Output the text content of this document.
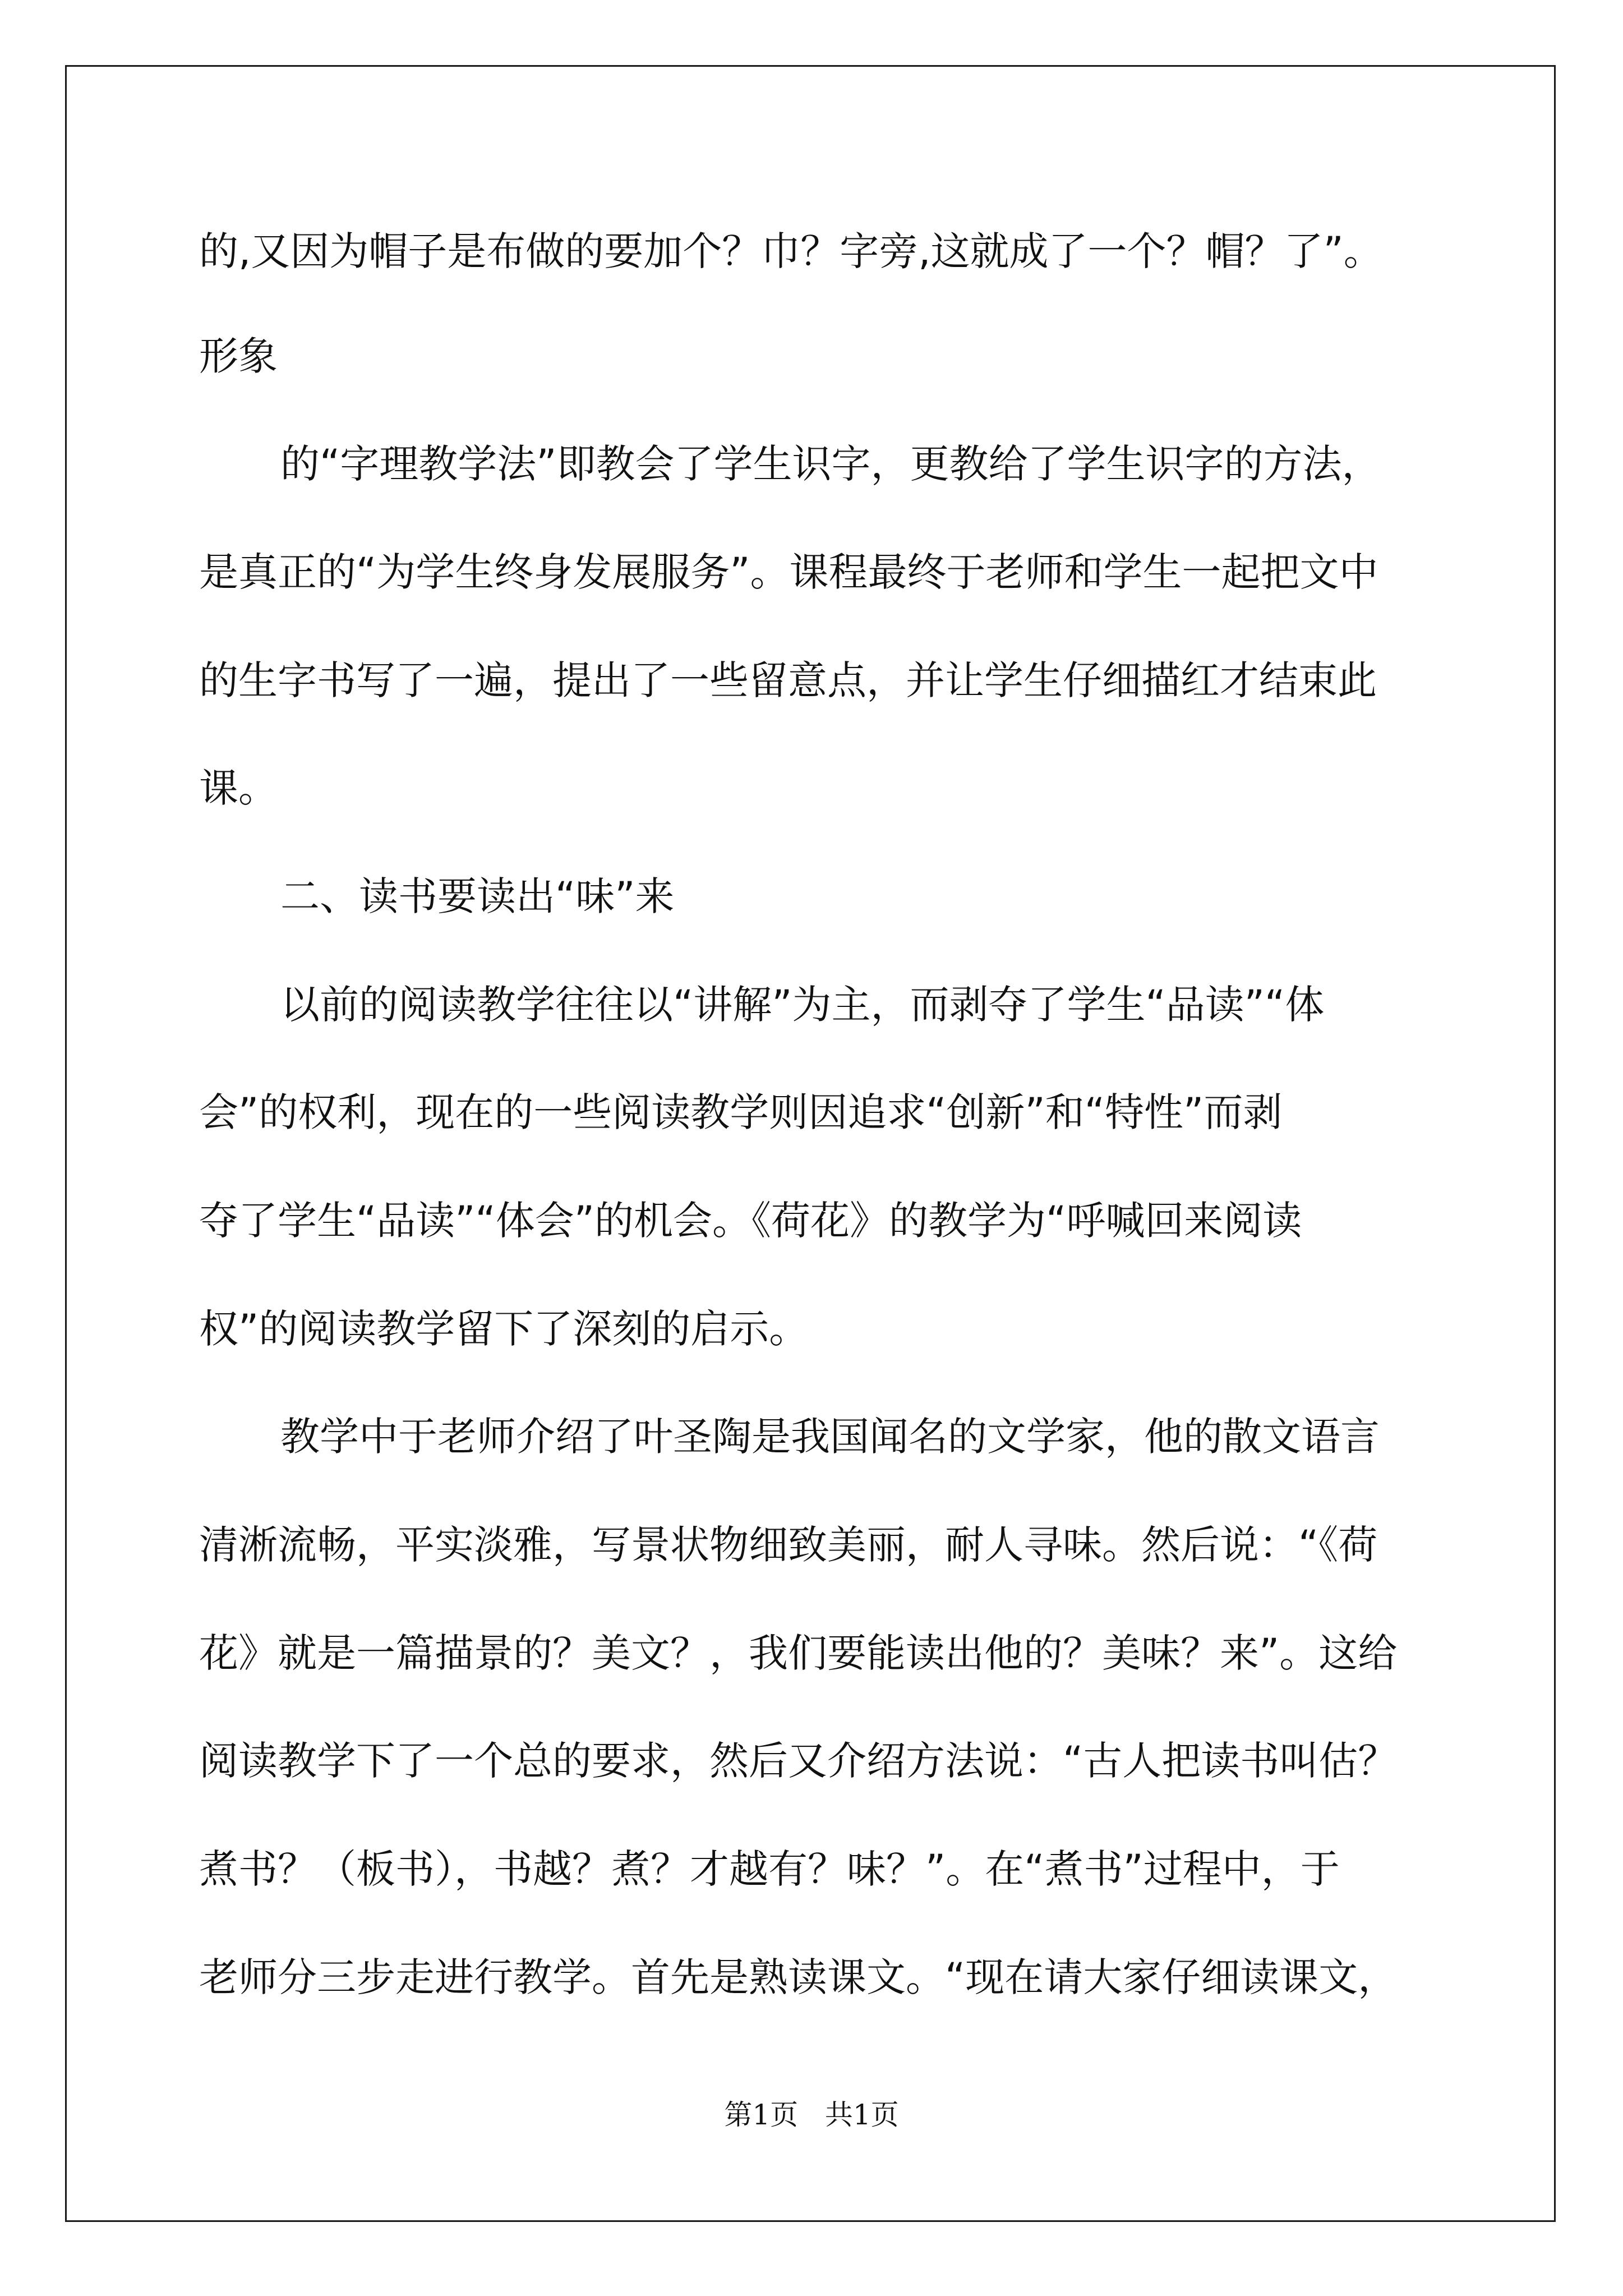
的,又因为帽子是布做的要加个？巾？字旁,这就成了一个？帽？了”。
形象
的“字理教学法”即教会了学生识字，更教给了学生识字的方法，
是真正的“为学生终身发展服务”。课程最终于老师和学生一起把文中
的生字书写了一遍，提出了一些留意点，并让学生仔细描红才结束此
课。
二、读书要读出“味”来
以前的阅读教学往往以“讲解”为主，而剥夺了学生“品读”“体
会”的权利，现在的一些阅读教学则因追求“创新”和“特性”而剥
夺了学生“品读”“体会”的机会。《荷花》的教学为“呼喊回来阅读
权”的阅读教学留下了深刻的启示。
教学中于老师介绍了叶圣陶是我国闻名的文学家，他的散文语言
清淅流畅，平实淡雅，写景状物细致美丽，耐人寻味。然后说：“《荷
花》就是一篇描景的？美文？，我们要能读出他的？美味？来”。这给
阅读教学下了一个总的要求，然后又介绍方法说：“古人把读书叫估？
煮书？（板书），书越？煮？才越有？味？”。在“煮书”过程中，于
老师分三步走进行教学。首先是熟读课文。“现在请大家仔细读课文，
第1页   共1页
